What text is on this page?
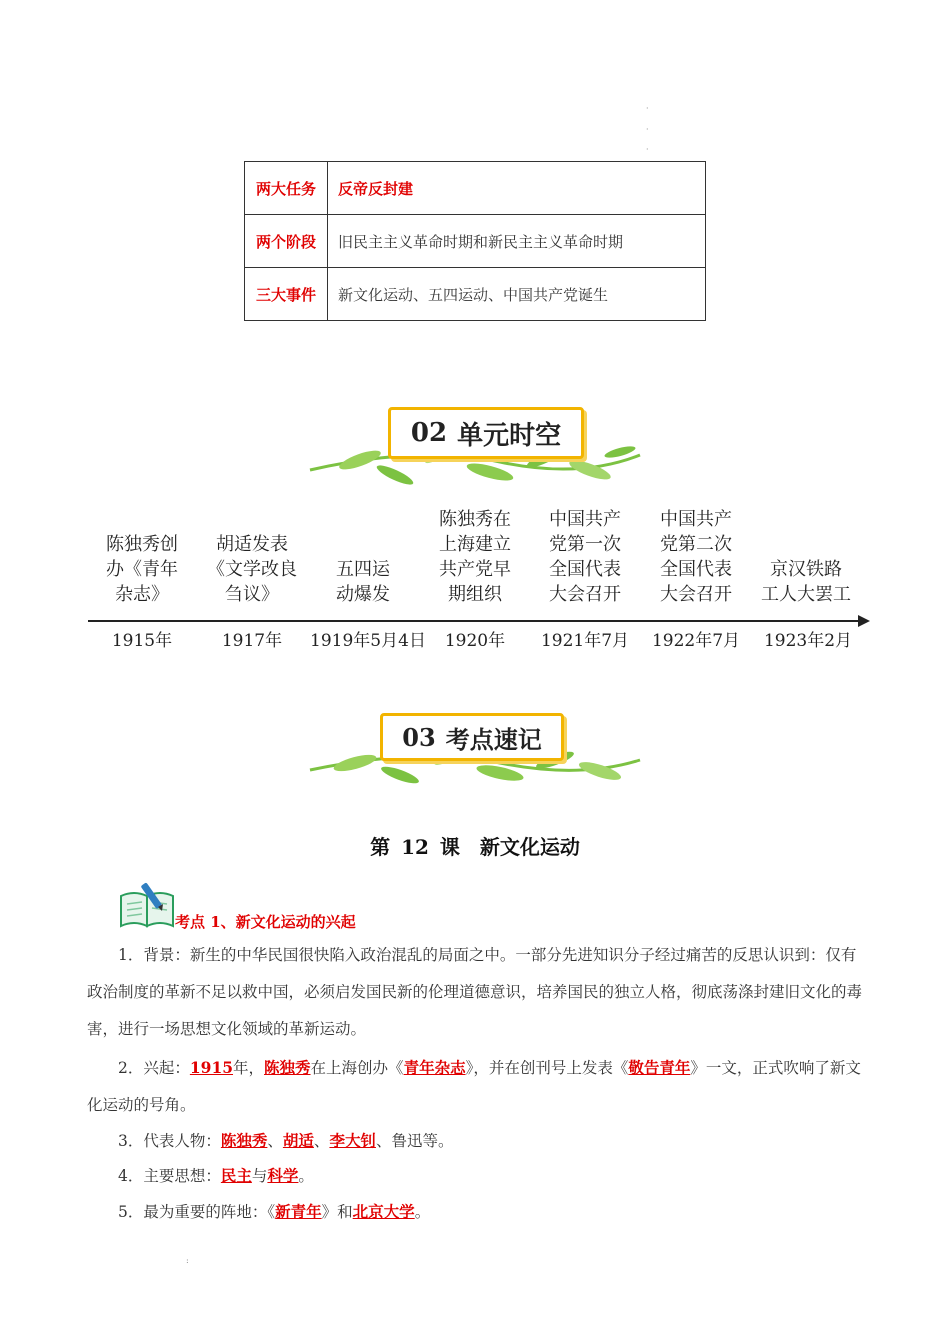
·
·
·
两大任务	反帝反封建
两个阶段	旧民主主义革命时期和新民主主义革命时期
三大事件	新文化运动、五四运动、中国共产党诞生
02 单元时空
陈独秀创
办《青年
杂志》
1915年
胡适发表
《文学改良
刍议》
1917年
五四运
动爆发
1919年5月4日
陈独秀在
上海建立
共产党早
期组织
1920年
中国共产
党第一次
全国代表
大会召开
1921年7月
中国共产
党第二次
全国代表
大会召开
1922年7月
京汉铁路
工人大罢工
1923年2月
03 考点速记
第 12 课　新文化运动
考点 1、新文化运动的兴起

1．背景：新生的中华民国很快陷入政治混乱的局面之中。一部分先进知识分子经过痛苦的反思认识到：仅有政治制度的革新不足以救中国，必须启发国民新的伦理道德意识，培养国民的独立人格，彻底荡涤封建旧文化的毒害，进行一场思想文化领域的革新运动。

2．兴起：1915年，陈独秀在上海创办《青年杂志》，并在创刊号上发表《敬告青年》一文，正式吹响了新文化运动的号角。

3．代表人物：陈独秀、胡适、李大钊、鲁迅等。

4．主要思想：民主与科学。

5．最为重要的阵地：《新青年》和北京大学。

:
